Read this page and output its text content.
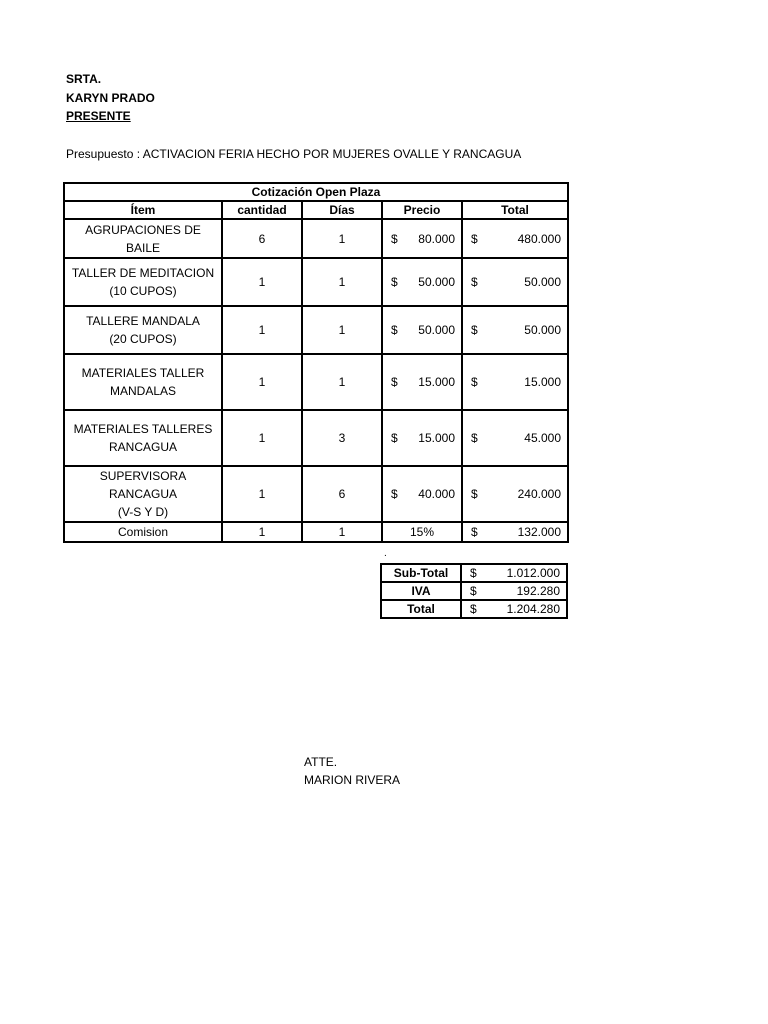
SRTA.
KARYN PRADO
PRESENTE
Presupuesto : ACTIVACION FERIA HECHO POR MUJERES OVALLE Y RANCAGUA
Cotización Open Plaza				
Ítem	cantidad	Días	Precio	Total
AGRUPACIONES DE BAILE	6	1	$ 80.000	$ 480.000

TALLER DE MEDITACION
(10 CUPOS)	1	1	$ 50.000	$ 50.000

TALLERE MANDALA
(20 CUPOS)	1	1	$ 50.000	$ 50.000

MATERIALES TALLER
MANDALAS	1	1	$ 15.000	$ 15.000

MATERIALES TALLERES
RANCAGUA	1	3	$ 15.000	$ 45.000

SUPERVISORA RANCAGUA
(V-S Y D)	1	6	$ 40.000	$ 240.000

Comision	1	1	15%	$ 132.000
.
Sub-Total	$ 1.012.000

IVA	$ 192.280

Total	$ 1.204.280
ATTE.
MARION RIVERA
